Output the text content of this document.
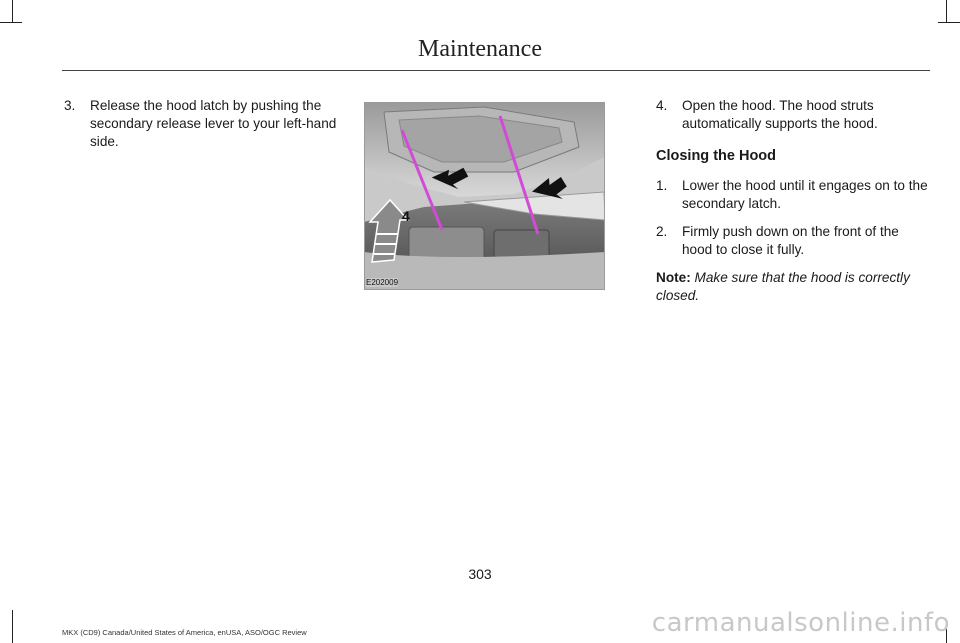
Maintenance
3.	Release the hood latch by pushing the secondary release lever to your left-hand side.
4
E202009
4.	Open the hood. The hood struts automatically supports the hood.
Closing the Hood
1.	Lower the hood until it engages on to the secondary latch.
2.	Firmly push down on the front of the hood to close it fully.
Note: Make sure that the hood is correctly closed.
303
MKX (CD9) Canada/United States of America, enUSA, ASO/OGC Review	carmanualsonline.info
